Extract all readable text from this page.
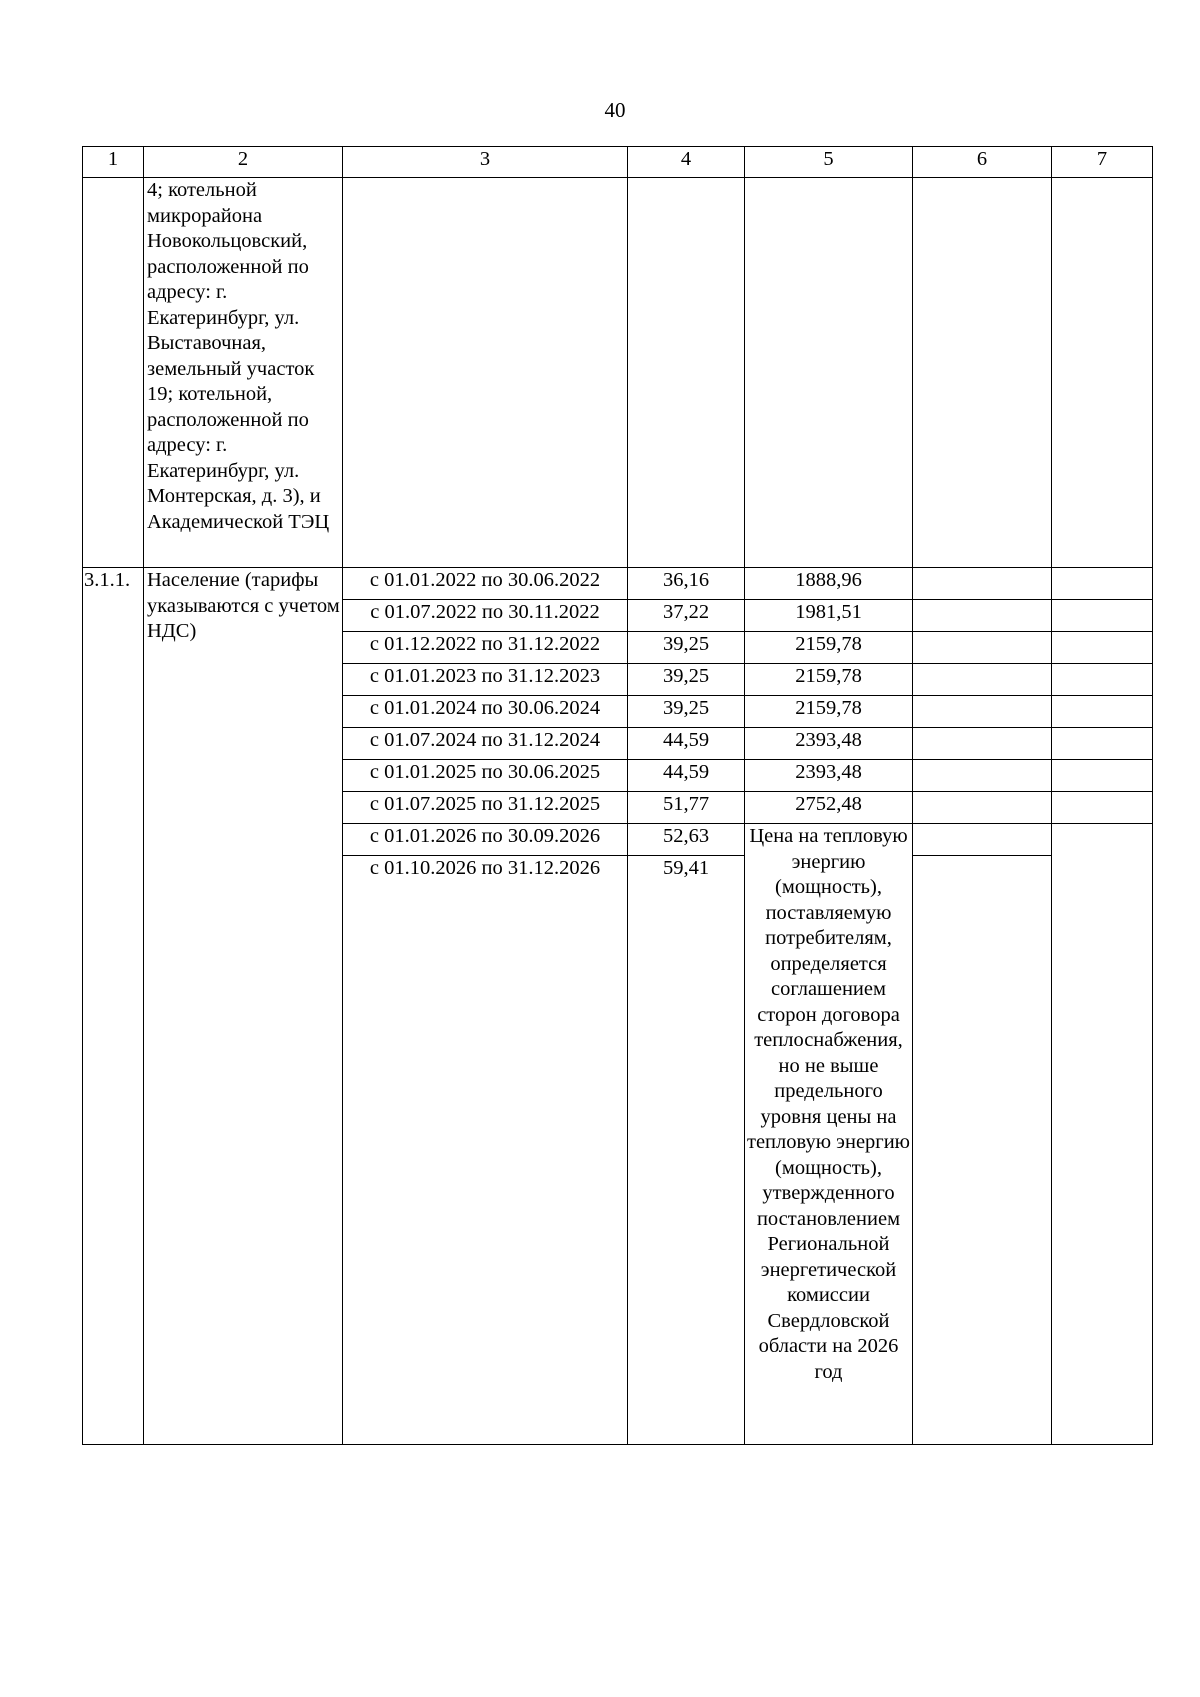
40
1	2	3	4	5	6	7
	4; котельной микрорайона Новокольцовский, расположенной по адресу: г. Екатеринбург, ул. Выставочная, земельный участок 19; котельной, расположенной по адресу: г. Екатеринбург, ул. Монтерская, д. 3), и Академической ТЭЦ					
3.1.1.	Население (тарифы указываются с учетом НДС)	с 01.01.2022 по 30.06.2022	36,16	1888,96		
		с 01.07.2022 по 30.11.2022	37,22	1981,51		
		с 01.12.2022 по 31.12.2022	39,25	2159,78		
		с 01.01.2023 по 31.12.2023	39,25	2159,78		
		с 01.01.2024 по 30.06.2024	39,25	2159,78		
		с 01.07.2024 по 31.12.2024	44,59	2393,48		
		с 01.01.2025 по 30.06.2025	44,59	2393,48		
		с 01.07.2025 по 31.12.2025	51,77	2752,48		
		с 01.01.2026 по 30.09.2026	52,63	Цена на тепловую энергию (мощность), поставляемую потребителям, определяется соглашением сторон договора теплоснабжения, но не выше предельного уровня цены на тепловую энергию (мощность), утвержденного постановлением Региональной энергетической комиссии Свердловской области на 2026 год		
		с 01.10.2026 по 31.12.2026	59,41			
